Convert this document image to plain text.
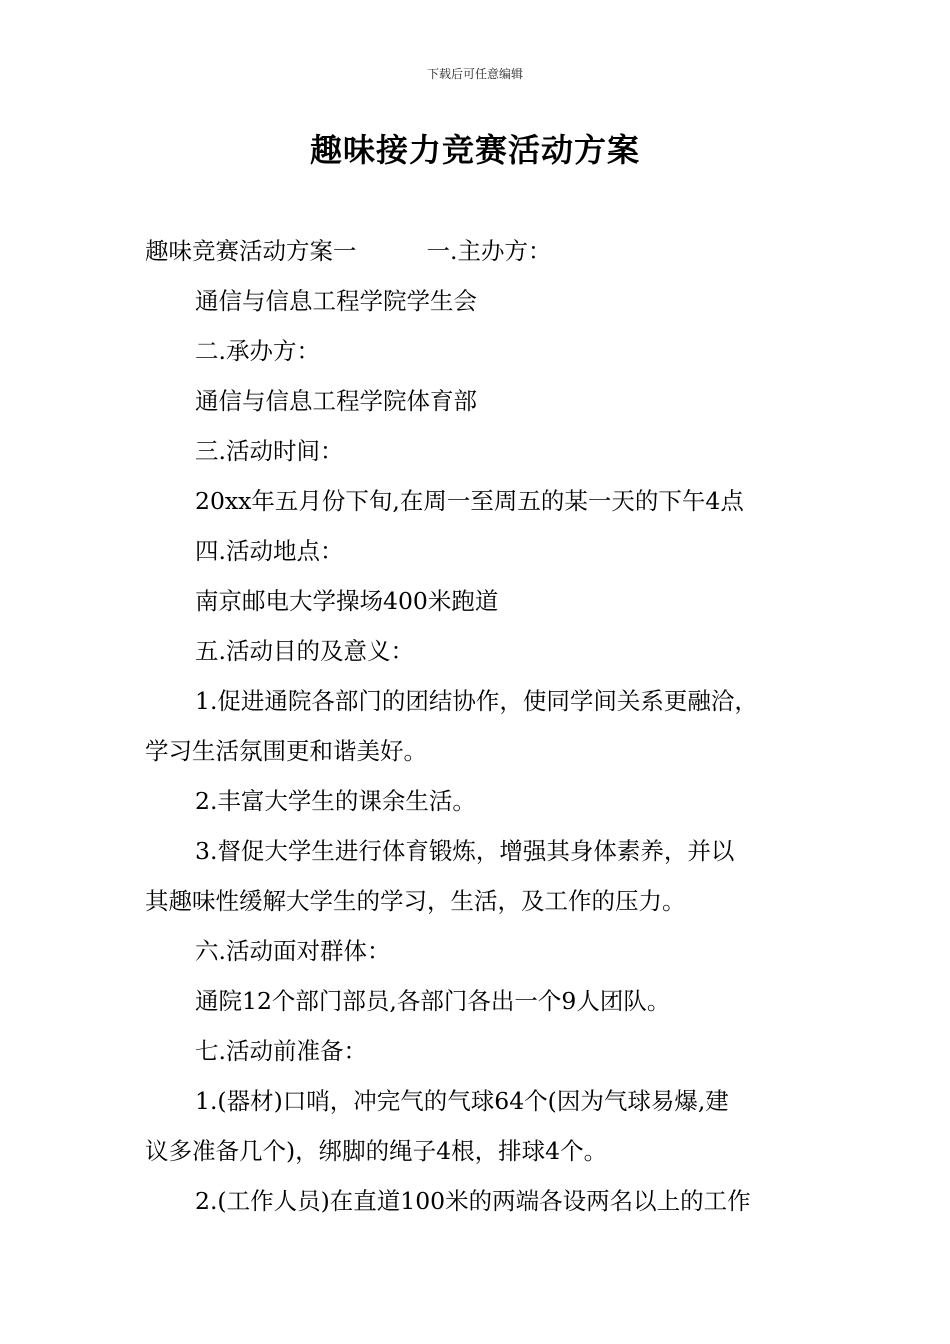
下载后可任意编辑
趣味接力竞赛活动方案

趣味竞赛活动方案一	一.主办方：

通信与信息工程学院学生会

二.承办方：

通信与信息工程学院体育部

三.活动时间：

20xx年五月份下旬,在周一至周五的某一天的下午4点

四.活动地点：

南京邮电大学操场400米跑道

五.活动目的及意义：

1.促进通院各部门的团结协作，使同学间关系更融洽，

学习生活氛围更和谐美好。

2.丰富大学生的课余生活。

3.督促大学生进行体育锻炼，增强其身体素养，并以

其趣味性缓解大学生的学习，生活，及工作的压力。

六.活动面对群体：

通院12个部门部员,各部门各出一个9人团队。

七.活动前准备：

1.(器材)口哨，冲完气的气球64个(因为气球易爆,建

议多准备几个)，绑脚的绳子4根，排球4个。

2.(工作人员)在直道100米的两端各设两名以上的工作
